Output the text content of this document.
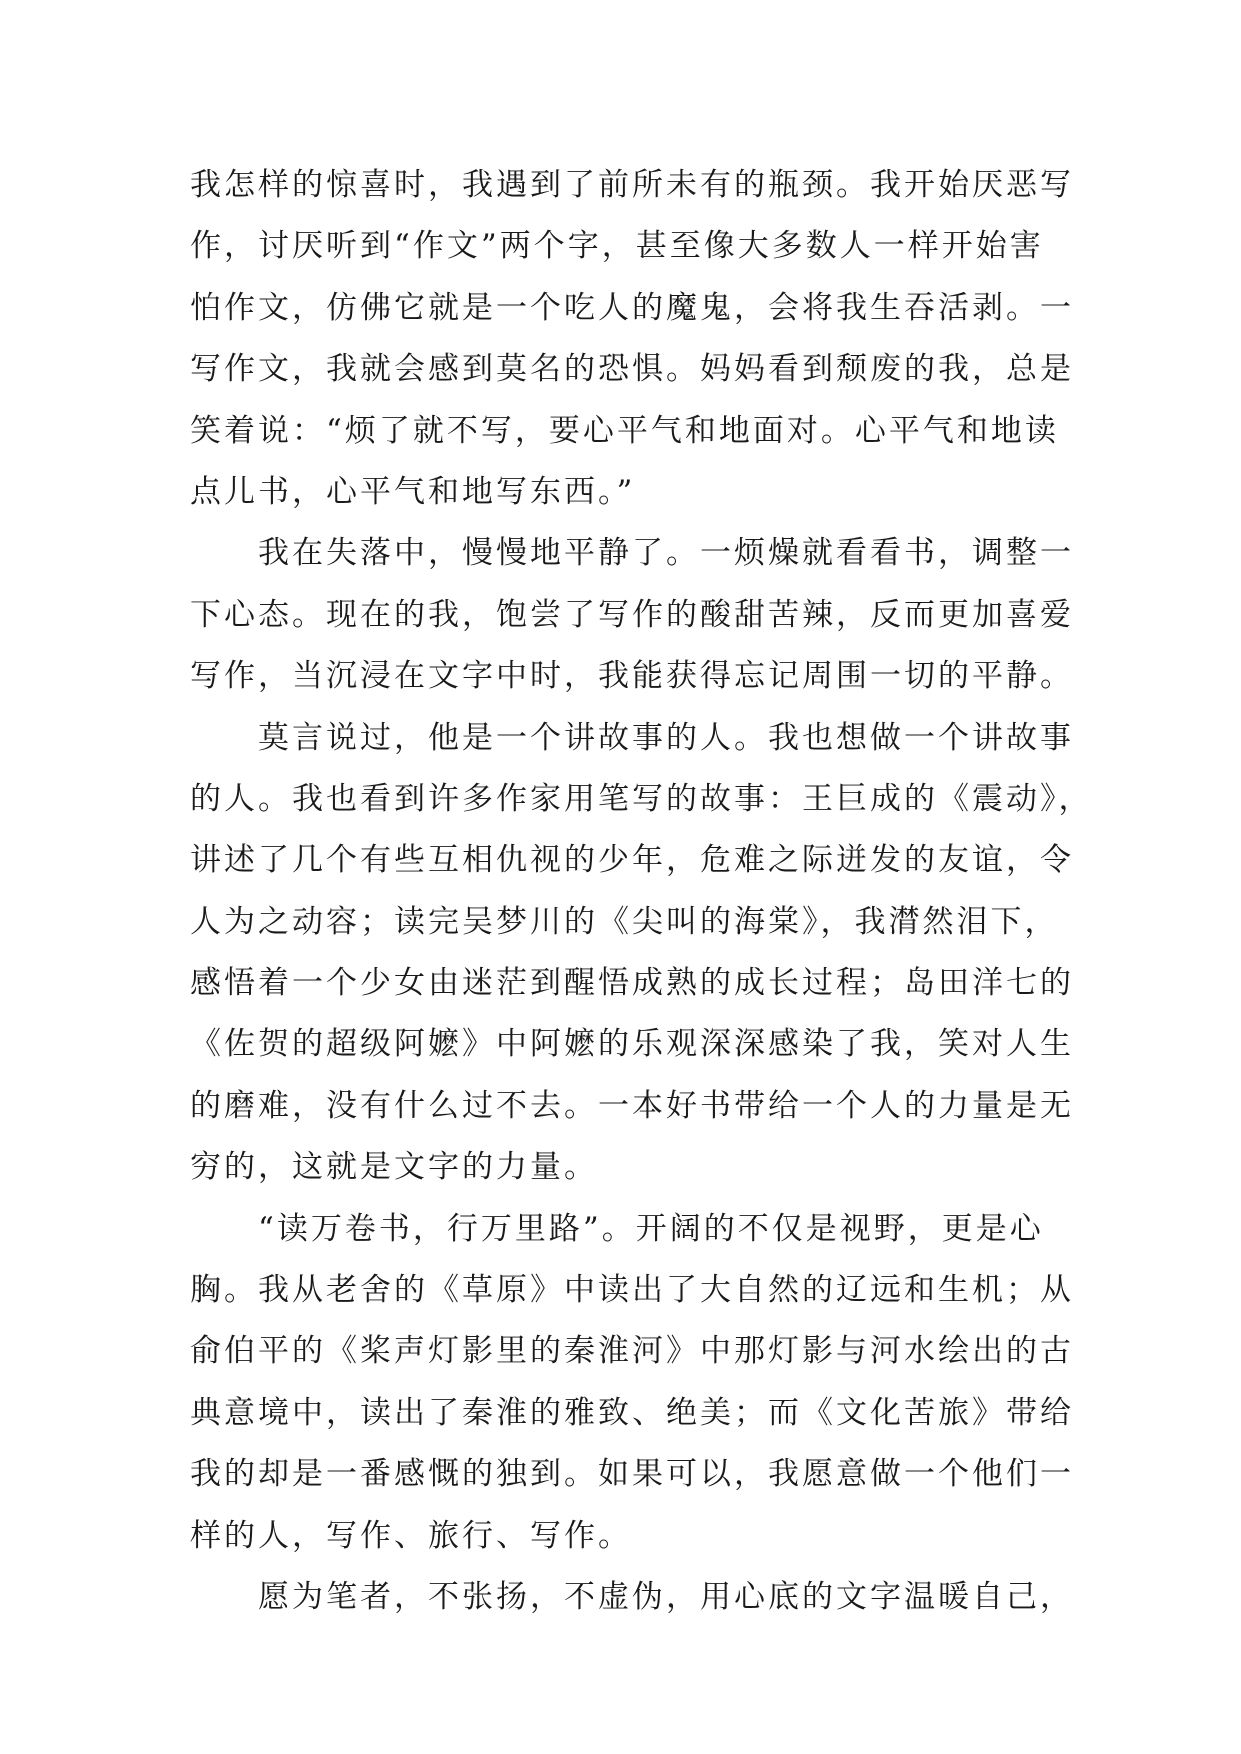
我怎样的惊喜时，我遇到了前所未有的瓶颈。我开始厌恶写
作，讨厌听到“作文”两个字，甚至像大多数人一样开始害
怕作文，仿佛它就是一个吃人的魔鬼，会将我生吞活剥。一
写作文，我就会感到莫名的恐惧。妈妈看到颓废的我，总是
笑着说：“烦了就不写，要心平气和地面对。心平气和地读
点儿书，心平气和地写东西。”
我在失落中，慢慢地平静了。一烦燥就看看书，调整一
下心态。现在的我，饱尝了写作的酸甜苦辣，反而更加喜爱
写作，当沉浸在文字中时，我能获得忘记周围一切的平静。
莫言说过，他是一个讲故事的人。我也想做一个讲故事
的人。我也看到许多作家用笔写的故事：王巨成的《震动》，
讲述了几个有些互相仇视的少年，危难之际迸发的友谊，令
人为之动容；读完吴梦川的《尖叫的海棠》，我潸然泪下，
感悟着一个少女由迷茫到醒悟成熟的成长过程；岛田洋七的
《佐贺的超级阿嬷》中阿嬷的乐观深深感染了我，笑对人生
的磨难，没有什么过不去。一本好书带给一个人的力量是无
穷的，这就是文字的力量。
“读万卷书，行万里路”。开阔的不仅是视野，更是心
胸。我从老舍的《草原》中读出了大自然的辽远和生机；从
俞伯平的《桨声灯影里的秦淮河》中那灯影与河水绘出的古
典意境中，读出了秦淮的雅致、绝美；而《文化苦旅》带给
我的却是一番感慨的独到。如果可以，我愿意做一个他们一
样的人，写作、旅行、写作。
愿为笔者，不张扬，不虚伪，用心底的文字温暖自己，
